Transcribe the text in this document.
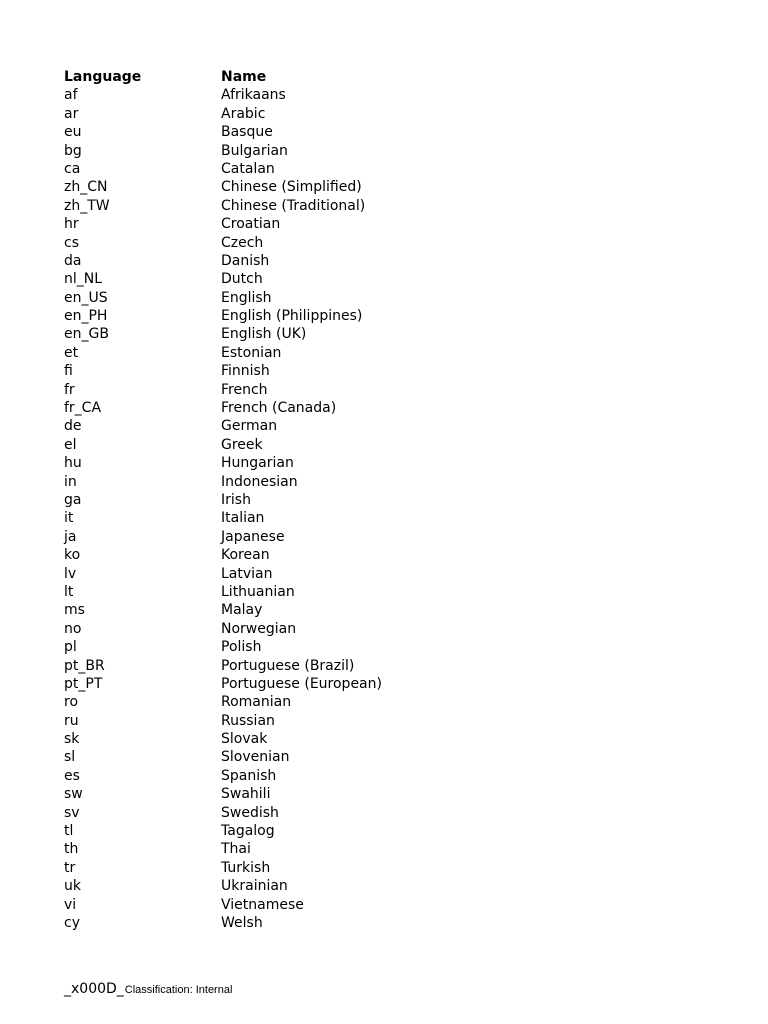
Language	Name
af	Afrikaans
ar	Arabic
eu	Basque
bg	Bulgarian
ca	Catalan
zh_CN	Chinese (Simplified)
zh_TW	Chinese (Traditional)
hr	Croatian
cs	Czech
da	Danish
nl_NL	Dutch
en_US	English
en_PH	English (Philippines)
en_GB	English (UK)
et	Estonian
fi	Finnish
fr	French
fr_CA	French (Canada)
de	German
el	Greek
hu	Hungarian
in	Indonesian
ga	Irish
it	Italian
ja	Japanese
ko	Korean
lv	Latvian
lt	Lithuanian
ms	Malay
no	Norwegian
pl	Polish
pt_BR	Portuguese (Brazil)
pt_PT	Portuguese (European)
ro	Romanian
ru	Russian
sk	Slovak
sl	Slovenian
es	Spanish
sw	Swahili
sv	Swedish
tl	Tagalog
th	Thai
tr	Turkish
uk	Ukrainian
vi	Vietnamese
cy	Welsh
_x000D_Classification: Internal
